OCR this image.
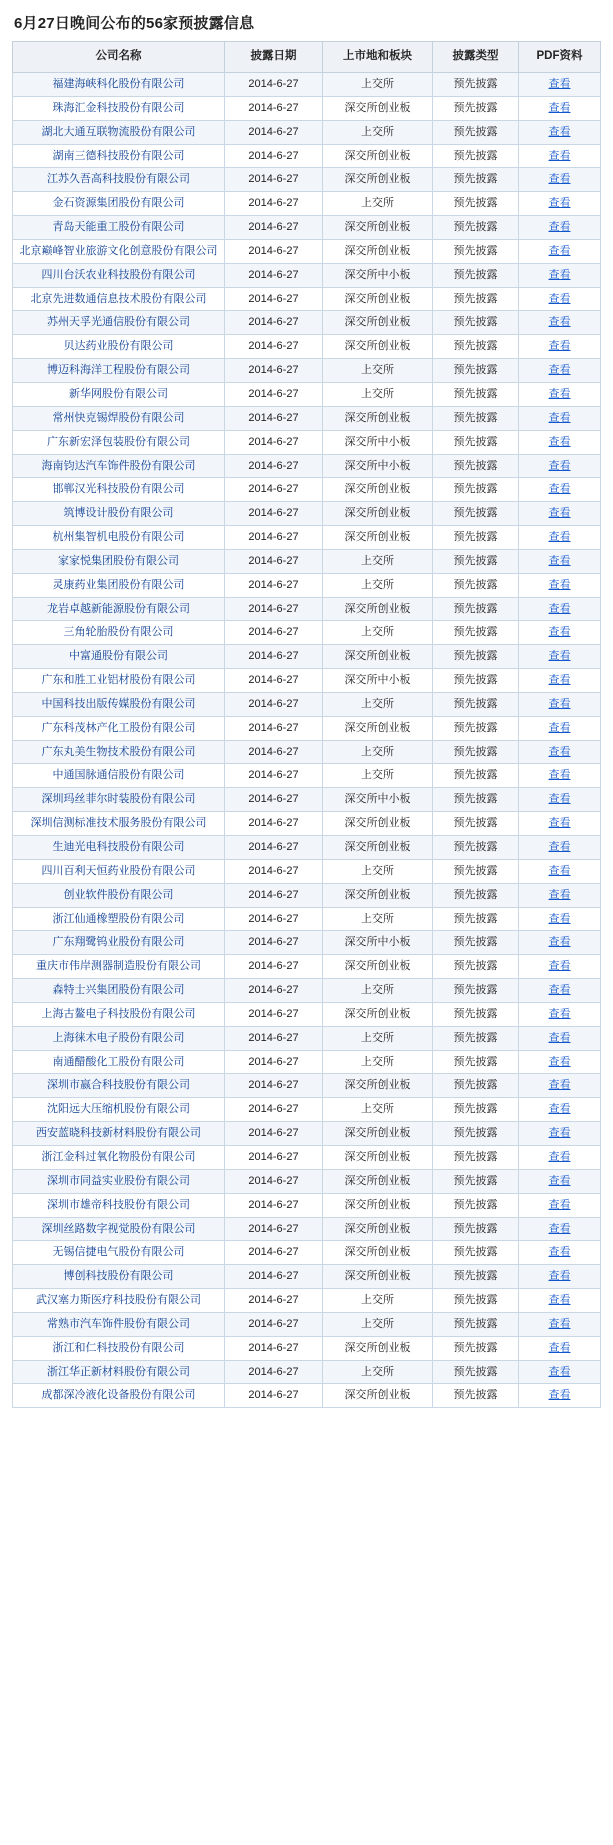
6月27日晚间公布的56家预披露信息
公司名称	披露日期	上市地和板块	披露类型	PDF资料
福建海峡科化股份有限公司	2014-6-27	上交所	预先披露	查看
珠海汇金科技股份有限公司	2014-6-27	深交所创业板	预先披露	查看
湖北大通互联物流股份有限公司	2014-6-27	上交所	预先披露	查看
湖南三德科技股份有限公司	2014-6-27	深交所创业板	预先披露	查看
江苏久吾高科技股份有限公司	2014-6-27	深交所创业板	预先披露	查看
金石资源集团股份有限公司	2014-6-27	上交所	预先披露	查看
青岛天能重工股份有限公司	2014-6-27	深交所创业板	预先披露	查看
北京巅峰智业旅游文化创意股份有限公司	2014-6-27	深交所创业板	预先披露	查看
四川台沃农业科技股份有限公司	2014-6-27	深交所中小板	预先披露	查看
北京先进数通信息技术股份有限公司	2014-6-27	深交所创业板	预先披露	查看
苏州天孚光通信股份有限公司	2014-6-27	深交所创业板	预先披露	查看
贝达药业股份有限公司	2014-6-27	深交所创业板	预先披露	查看
博迈科海洋工程股份有限公司	2014-6-27	上交所	预先披露	查看
新华网股份有限公司	2014-6-27	上交所	预先披露	查看
常州快克锡焊股份有限公司	2014-6-27	深交所创业板	预先披露	查看
广东新宏泽包装股份有限公司	2014-6-27	深交所中小板	预先披露	查看
海南钧达汽车饰件股份有限公司	2014-6-27	深交所中小板	预先披露	查看
邯郸汉光科技股份有限公司	2014-6-27	深交所创业板	预先披露	查看
筑博设计股份有限公司	2014-6-27	深交所创业板	预先披露	查看
杭州集智机电股份有限公司	2014-6-27	深交所创业板	预先披露	查看
家家悦集团股份有限公司	2014-6-27	上交所	预先披露	查看
灵康药业集团股份有限公司	2014-6-27	上交所	预先披露	查看
龙岩卓越新能源股份有限公司	2014-6-27	深交所创业板	预先披露	查看
三角轮胎股份有限公司	2014-6-27	上交所	预先披露	查看
中富通股份有限公司	2014-6-27	深交所创业板	预先披露	查看
广东和胜工业铝材股份有限公司	2014-6-27	深交所中小板	预先披露	查看
中国科技出版传媒股份有限公司	2014-6-27	上交所	预先披露	查看
广东科茂林产化工股份有限公司	2014-6-27	深交所创业板	预先披露	查看
广东丸美生物技术股份有限公司	2014-6-27	上交所	预先披露	查看
中通国脉通信股份有限公司	2014-6-27	上交所	预先披露	查看
深圳玛丝菲尔时装股份有限公司	2014-6-27	深交所中小板	预先披露	查看
深圳信测标准技术服务股份有限公司	2014-6-27	深交所创业板	预先披露	查看
生迪光电科技股份有限公司	2014-6-27	深交所创业板	预先披露	查看
四川百利天恒药业股份有限公司	2014-6-27	上交所	预先披露	查看
创业软件股份有限公司	2014-6-27	深交所创业板	预先披露	查看
浙江仙通橡塑股份有限公司	2014-6-27	上交所	预先披露	查看
广东翔鹭钨业股份有限公司	2014-6-27	深交所中小板	预先披露	查看
重庆市伟岸测器制造股份有限公司	2014-6-27	深交所创业板	预先披露	查看
森特士兴集团股份有限公司	2014-6-27	上交所	预先披露	查看
上海古鳌电子科技股份有限公司	2014-6-27	深交所创业板	预先披露	查看
上海徕木电子股份有限公司	2014-6-27	上交所	预先披露	查看
南通醋酸化工股份有限公司	2014-6-27	上交所	预先披露	查看
深圳市嬴合科技股份有限公司	2014-6-27	深交所创业板	预先披露	查看
沈阳远大压缩机股份有限公司	2014-6-27	上交所	预先披露	查看
西安蓝晓科技新材料股份有限公司	2014-6-27	深交所创业板	预先披露	查看
浙江金科过氧化物股份有限公司	2014-6-27	深交所创业板	预先披露	查看
深圳市同益实业股份有限公司	2014-6-27	深交所创业板	预先披露	查看
深圳市雄帝科技股份有限公司	2014-6-27	深交所创业板	预先披露	查看
深圳丝路数字视觉股份有限公司	2014-6-27	深交所创业板	预先披露	查看
无锡信捷电气股份有限公司	2014-6-27	深交所创业板	预先披露	查看
博创科技股份有限公司	2014-6-27	深交所创业板	预先披露	查看
武汉塞力斯医疗科技股份有限公司	2014-6-27	上交所	预先披露	查看
常熟市汽车饰件股份有限公司	2014-6-27	上交所	预先披露	查看
浙江和仁科技股份有限公司	2014-6-27	深交所创业板	预先披露	查看
浙江华正新材料股份有限公司	2014-6-27	上交所	预先披露	查看
成都深冷液化设备股份有限公司	2014-6-27	深交所创业板	预先披露	查看
